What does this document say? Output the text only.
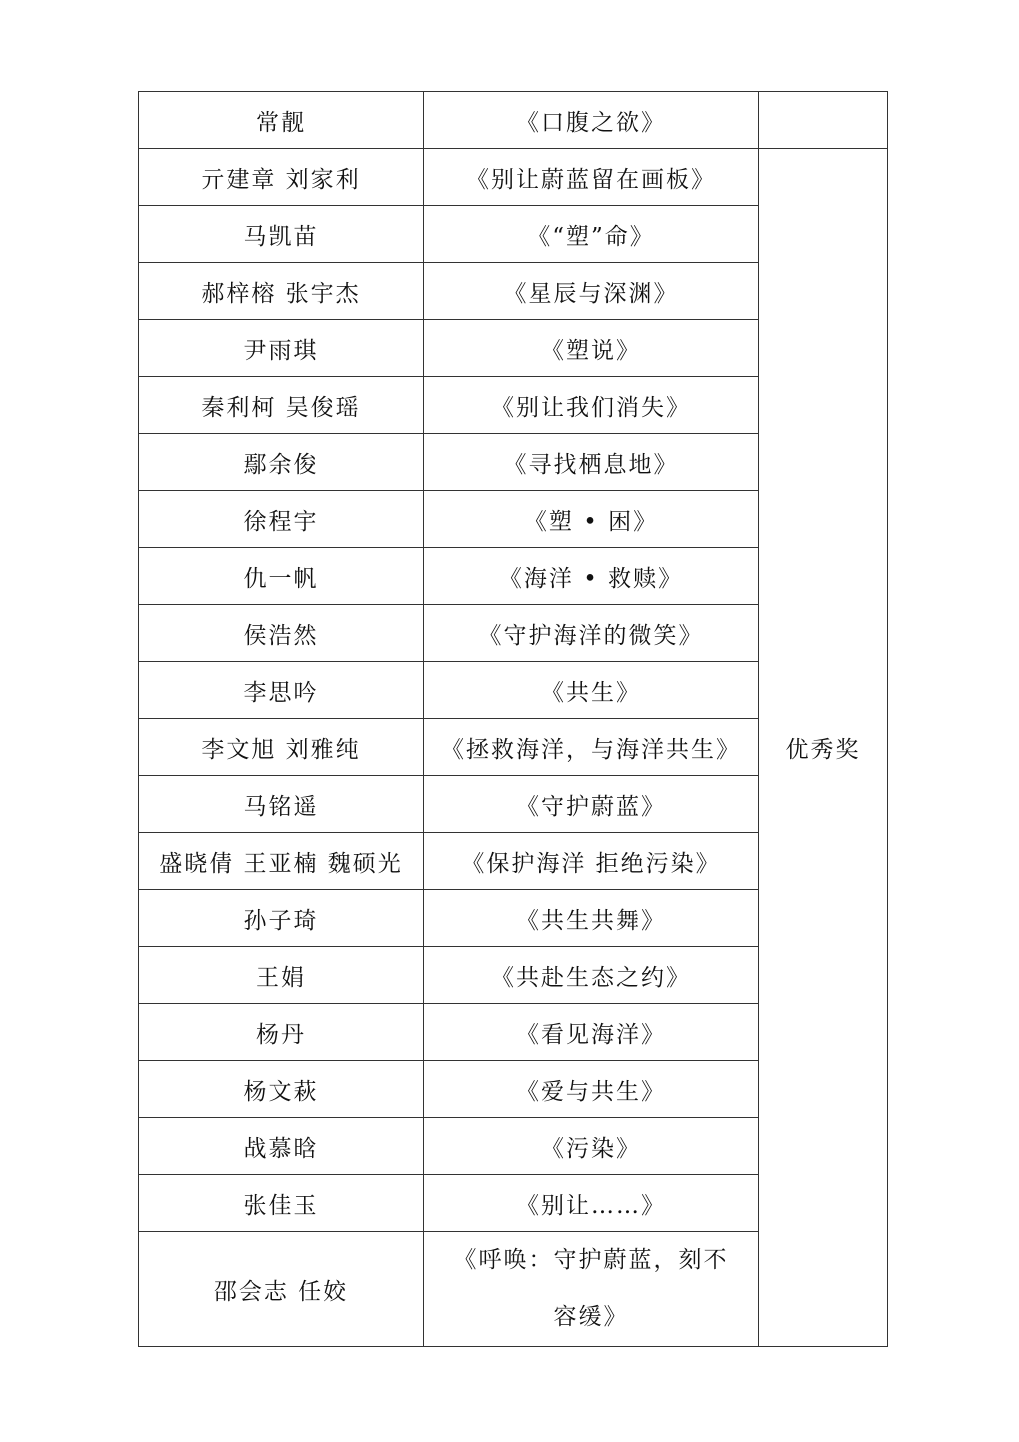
常靓	《口腹之欲》	
亓建章 刘家利	《别让蔚蓝留在画板》	优秀奖
马凯苗	《“塑”命》	
郝梓榕 张宇杰	《星辰与深渊》	
尹雨琪	《塑说》	
秦利柯 吴俊瑶	《别让我们消失》	
鄢余俊	《寻找栖息地》	
徐程宇	《塑 • 困》	
仇一帆	《海洋 • 救赎》	
侯浩然	《守护海洋的微笑》	
李思吟	《共生》	
李文旭 刘雅纯	《拯救海洋，与海洋共生》	
马铭遥	《守护蔚蓝》	
盛晓倩 王亚楠 魏硕光	《保护海洋 拒绝污染》	
孙子琦	《共生共舞》	
王娟	《共赴生态之约》	
杨丹	《看见海洋》	
杨文萩	《爱与共生》	
战慕晗	《污染》	
张佳玉	《别让……》	
邵会志 任姣	《呼唤：守护蔚蓝，刻不容缓》	
